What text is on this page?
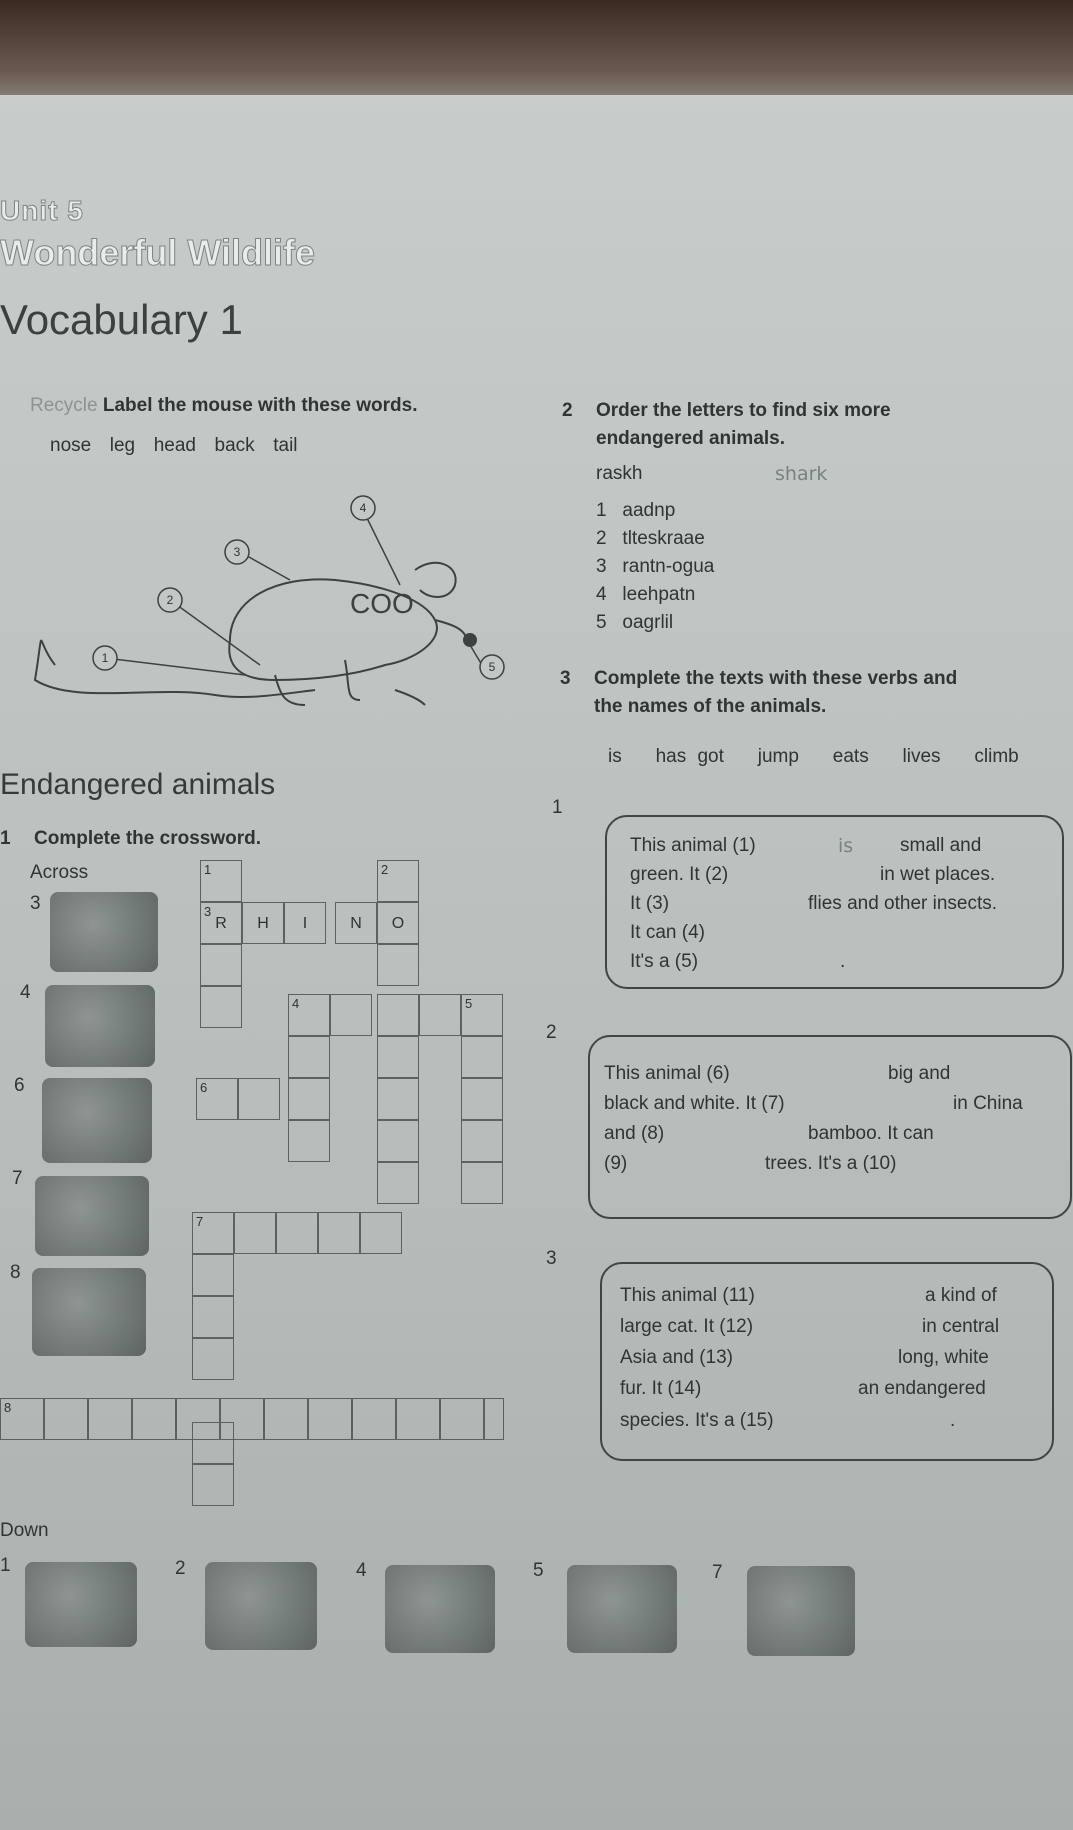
Unit 5
Wonderful Wildlife
Vocabulary 1
Recycle Label the mouse with these words.
nose leg head back tail
COO
1
2
3
4
5
2 Order the letters to find six more
endangered animals.
raskh	shark
1 aadnp
2 tlteskraae
3 rantn-ogua
4 leehpatn
5 oagrlil
3 Complete the texts with these verbs and
the names of the animals.
is has got jump eats lives climb
1
This animal (1)	is small and
green. It (2)	in wet places.
It (3)	flies and other insects.
It can (4)
It's a (5)	.
2
This animal (6)	big and
black and white. It (7)	in China
and (8)	bamboo. It can
(9)	trees. It's a (10)
3
This animal (11)	a kind of
large cat. It (12)	in central
Asia and (13)	long, white
fur. It (14)	an endangered
species. It's a (15)	.
Endangered animals
1 Complete the crossword.
Across
3
4
6
7
8
1
3
R	H	I	N	O
2
4	5
6
7
8
Down
1	2	4	5	7
